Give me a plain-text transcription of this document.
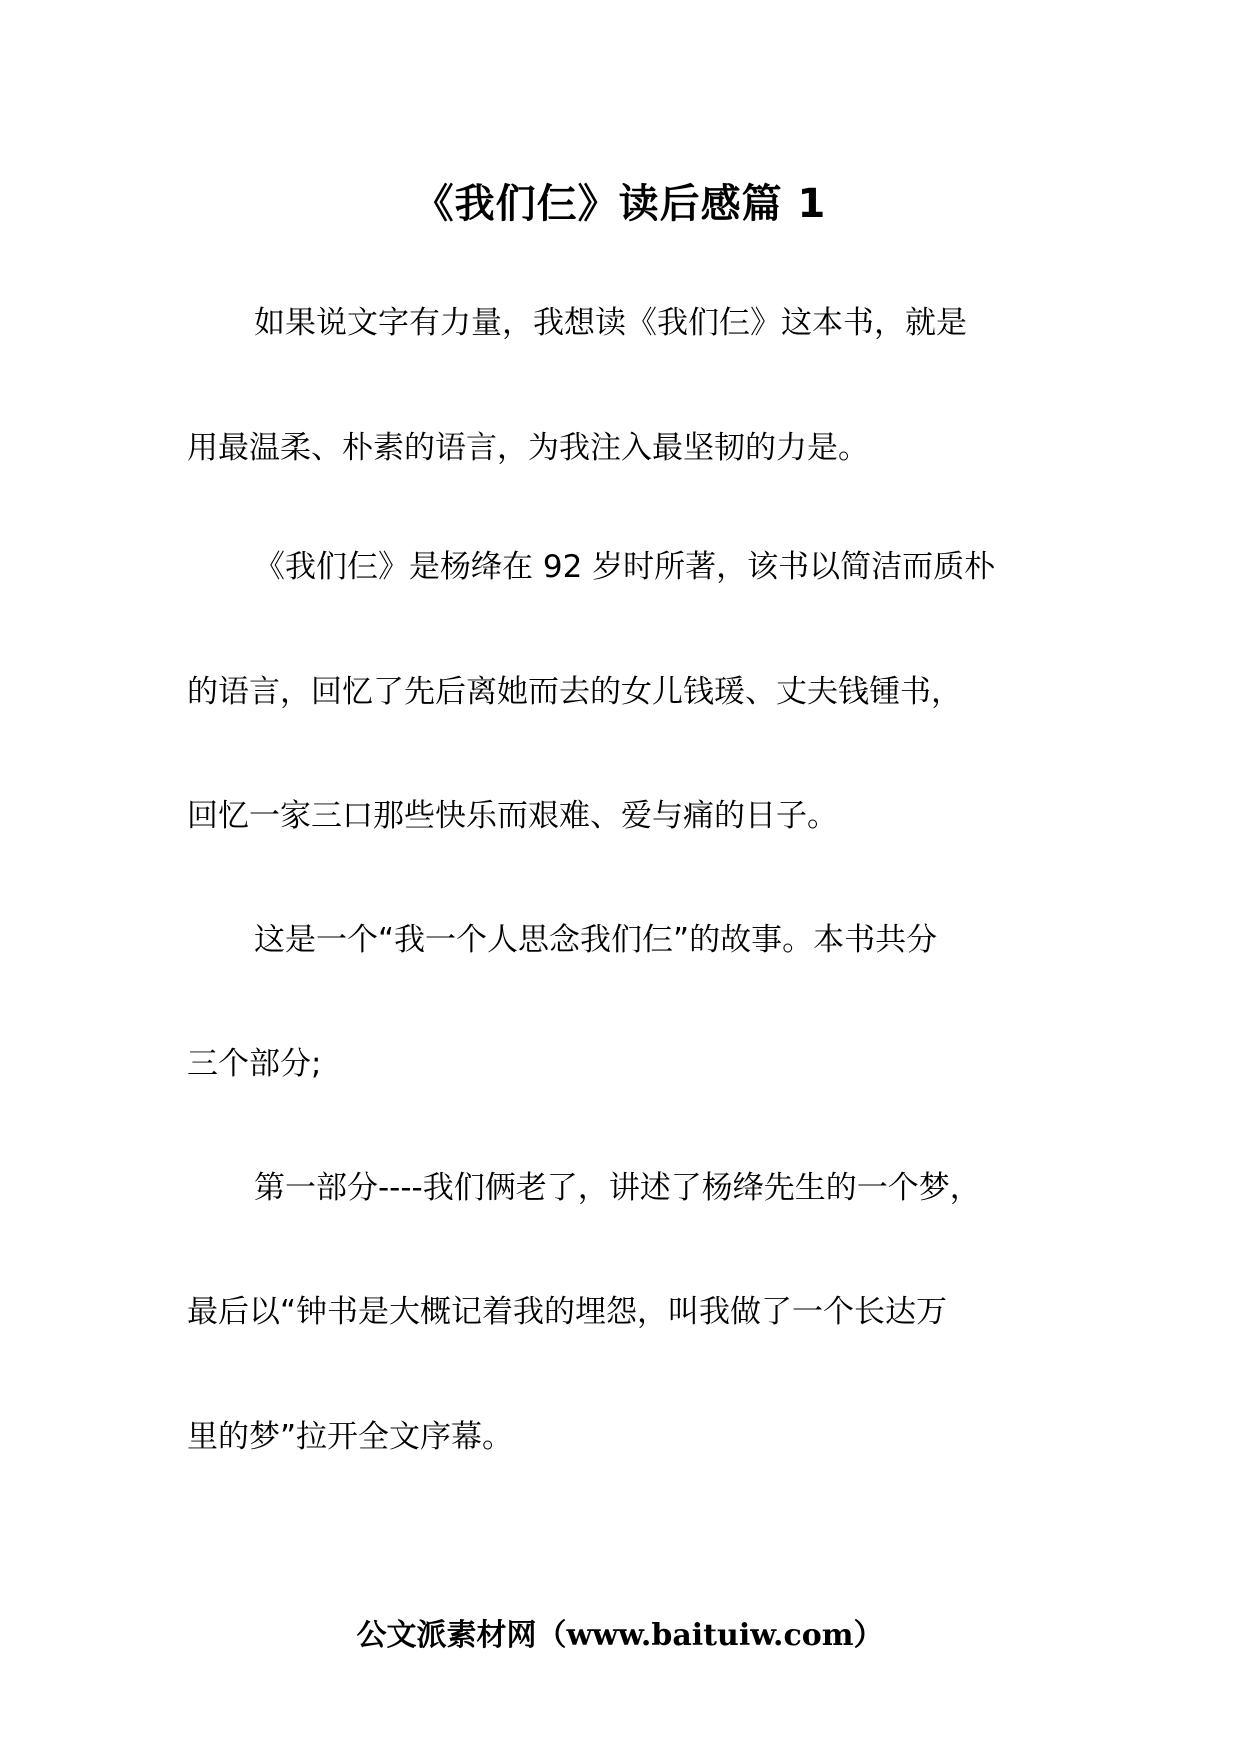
《我们仨》读后感篇 1
如果说文字有力量，我想读《我们仨》这本书，就是
用最温柔、朴素的语言，为我注入最坚韧的力是。
《我们仨》是杨绛在 92 岁时所著，该书以简洁而质朴
的语言，回忆了先后离她而去的女儿钱瑗、丈夫钱锺书，
回忆一家三口那些快乐而艰难、爱与痛的日子。
这是一个“我一个人思念我们仨”的故事。本书共分
三个部分;
第一部分----我们俩老了，讲述了杨绛先生的一个梦，
最后以“钟书是大概记着我的埋怨，叫我做了一个长达万
里的梦”拉开全文序幕。
公文派素材网（www.baituiw.com）
